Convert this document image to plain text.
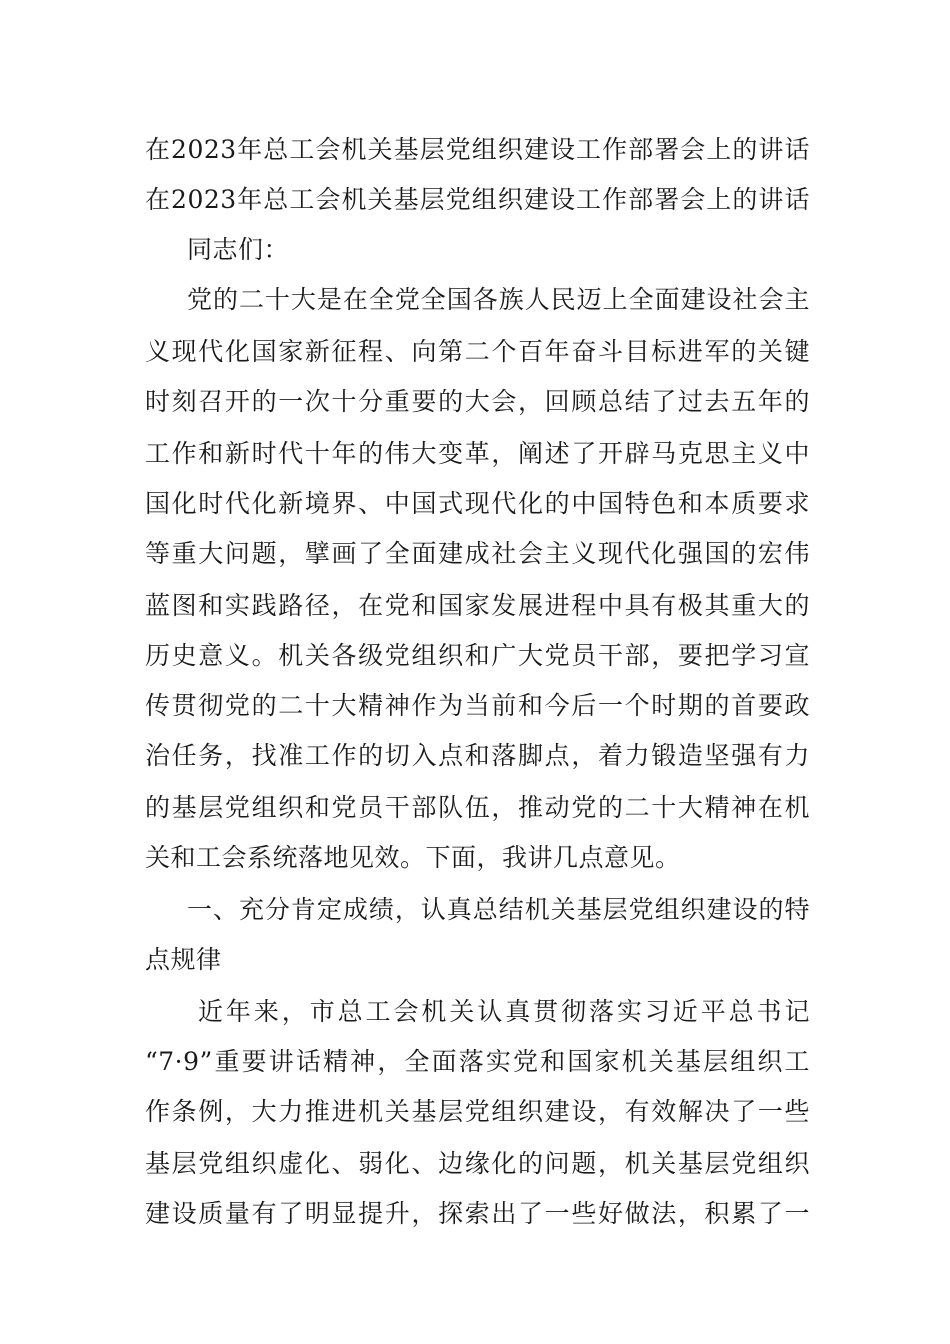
在2023年总工会机关基层党组织建设工作部署会上的讲话
在2023年总工会机关基层党组织建设工作部署会上的讲话
同志们：
党的二十大是在全党全国各族人民迈上全面建设社会主
义现代化国家新征程、向第二个百年奋斗目标进军的关键
时刻召开的一次十分重要的大会，回顾总结了过去五年的
工作和新时代十年的伟大变革，阐述了开辟马克思主义中
国化时代化新境界、中国式现代化的中国特色和本质要求
等重大问题，擘画了全面建成社会主义现代化强国的宏伟
蓝图和实践路径，在党和国家发展进程中具有极其重大的
历史意义。机关各级党组织和广大党员干部，要把学习宣
传贯彻党的二十大精神作为当前和今后一个时期的首要政
治任务，找准工作的切入点和落脚点，着力锻造坚强有力
的基层党组织和党员干部队伍，推动党的二十大精神在机
关和工会系统落地见效。下面，我讲几点意见。
一、充分肯定成绩，认真总结机关基层党组织建设的特
点规律
近年来，市总工会机关认真贯彻落实习近平总书记
“7·9”重要讲话精神，全面落实党和国家机关基层组织工
作条例，大力推进机关基层党组织建设，有效解决了一些
基层党组织虚化、弱化、边缘化的问题，机关基层党组织
建设质量有了明显提升，探索出了一些好做法，积累了一
